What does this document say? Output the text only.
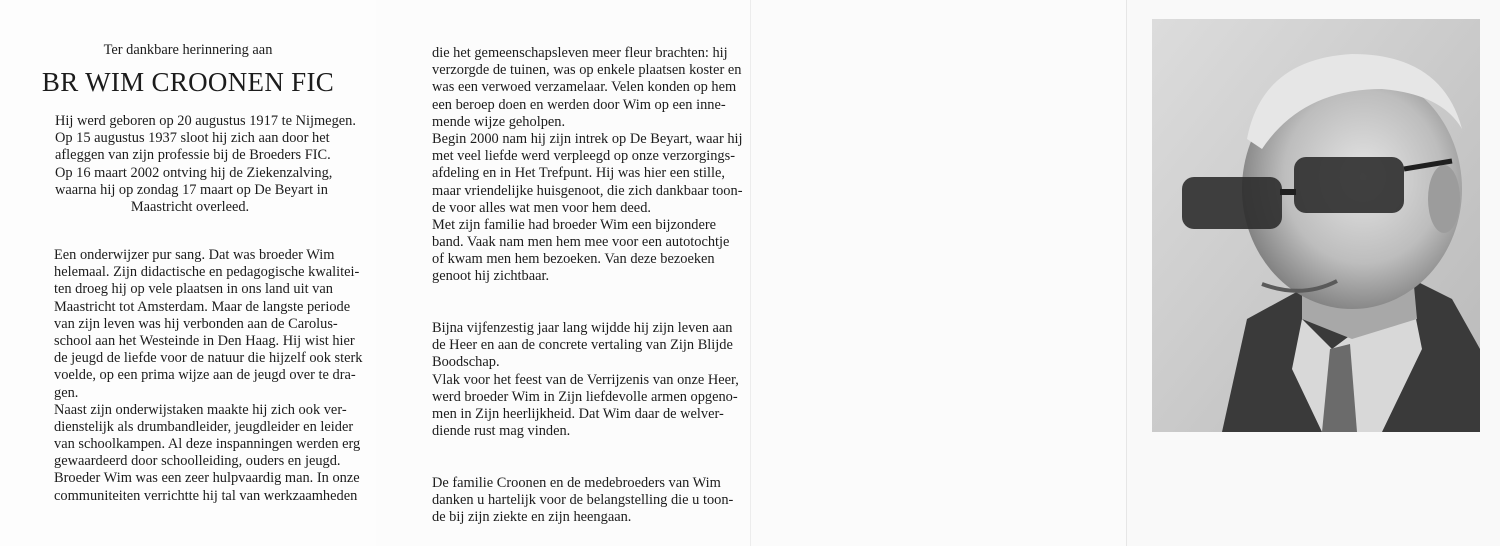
Ter dankbare herinnering aan
BR WIM CROONEN FIC
Hij werd geboren op 20 augustus 1917 te Nijmegen.
Op 15 augustus 1937 sloot hij zich aan door het
afleggen van zijn professie bij de Broeders FIC.
Op 16 maart 2002 ontving hij de Ziekenzalving,
waarna hij op zondag 17 maart op De Beyart in
Maastricht overleed.
Een onderwijzer pur sang. Dat was broeder Wim
helemaal. Zijn didactische en pedagogische kwalitei-
ten droeg hij op vele plaatsen in ons land uit van
Maastricht tot Amsterdam. Maar de langste periode
van zijn leven was hij verbonden aan de Carolus-
school aan het Westeinde in Den Haag. Hij wist hier
de jeugd de liefde voor de natuur die hijzelf ook sterk
voelde, op een prima wijze aan de jeugd over te dra-
gen.
Naast zijn onderwijstaken maakte hij zich ook ver-
dienstelijk als drumbandleider, jeugdleider en leider
van schoolkampen. Al deze inspanningen werden erg
gewaardeerd door schoolleiding, ouders en jeugd.
Broeder Wim was een zeer hulpvaardig man. In onze
communiteiten verrichtte hij tal van werkzaamheden
die het gemeenschapsleven meer fleur brachten: hij
verzorgde de tuinen, was op enkele plaatsen koster en
was een verwoed verzamelaar. Velen konden op hem
een beroep doen en werden door Wim op een inne-
mende wijze geholpen.
Begin 2000 nam hij zijn intrek op De Beyart, waar hij
met veel liefde werd verpleegd op onze verzorgings-
afdeling en in Het Trefpunt. Hij was hier een stille,
maar vriendelijke huisgenoot, die zich dankbaar toon-
de voor alles wat men voor hem deed.
Met zijn familie had broeder Wim een bijzondere
band. Vaak nam men hem mee voor een autotochtje
of kwam men hem bezoeken. Van deze bezoeken
genoot hij zichtbaar.
Bijna vijfenzestig jaar lang wijdde hij zijn leven aan
de Heer en aan de concrete vertaling van Zijn Blijde
Boodschap.
Vlak voor het feest van de Verrijzenis van onze Heer,
werd broeder Wim in Zijn liefdevolle armen opgeno-
men in Zijn heerlijkheid. Dat Wim daar de welver-
diende rust mag vinden.
De familie Croonen en de medebroeders van Wim
danken u hartelijk voor de belangstelling die u toon-
de bij zijn ziekte en zijn heengaan.
